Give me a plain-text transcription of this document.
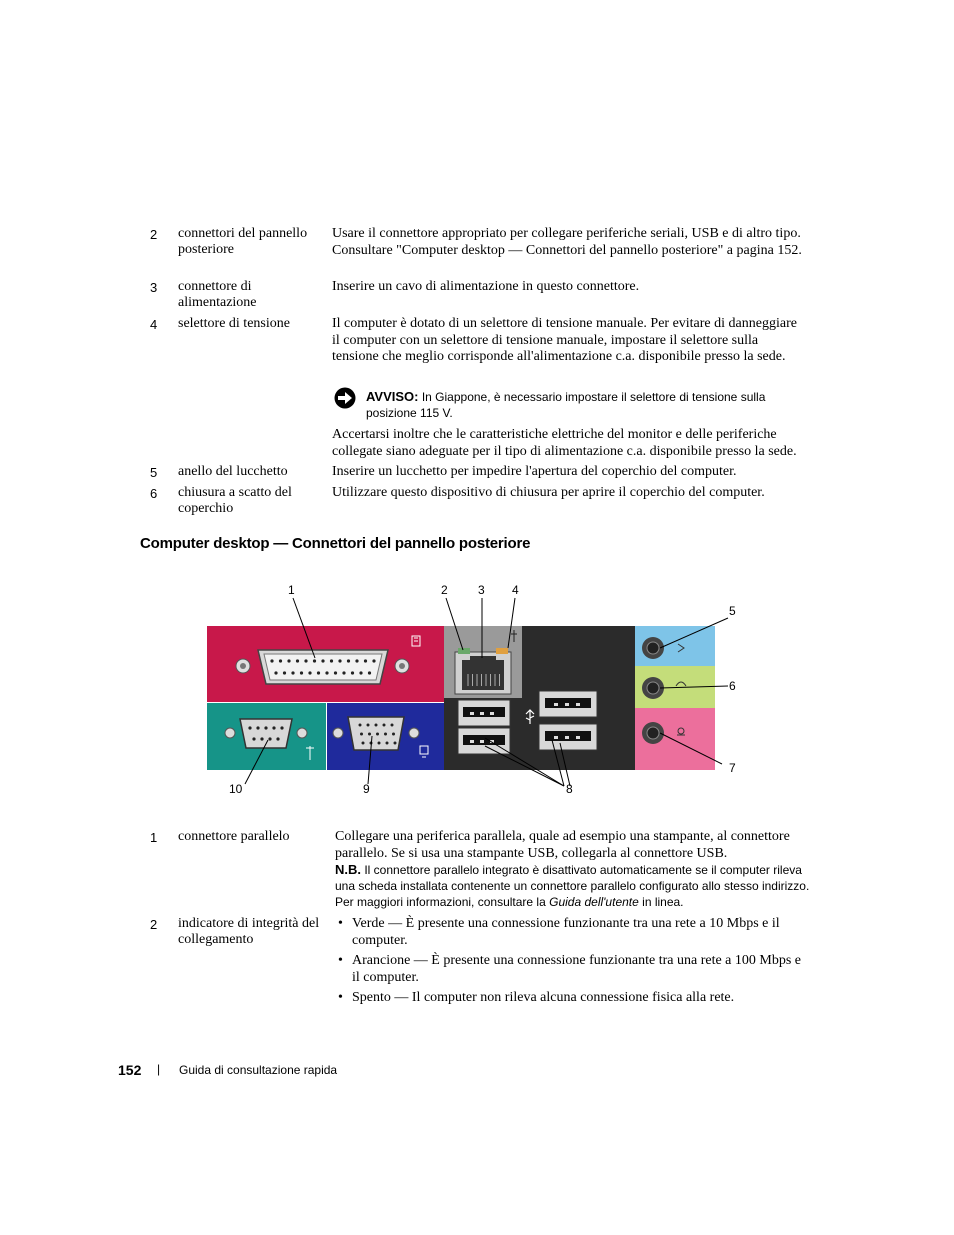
2 connettori del pannello posteriore
Usare il connettore appropriato per collegare periferiche seriali, USB e di altro tipo. Consultare "Computer desktop — Connettori del pannello posteriore" a pagina 152.
3 connettore di alimentazione
Inserire un cavo di alimentazione in questo connettore.
4 selettore di tensione	Il computer è dotato di un selettore di tensione manuale. Per evitare di danneggiare il computer con un selettore di tensione manuale, impostare il selettore sulla tensione che meglio corrisponde all'alimentazione c.a. disponibile presso la sede.
AVVISO: In Giappone, è necessario impostare il selettore di tensione sulla posizione 115 V.
Accertarsi inoltre che le caratteristiche elettriche del monitor e delle periferiche collegate siano adeguate per il tipo di alimentazione c.a. disponibile presso la sede.
5 anello del lucchetto	Inserire un lucchetto per impedire l'apertura del coperchio del computer.
6 chiusura a scatto del coperchio
Utilizzare questo dispositivo di chiusura per aprire il coperchio del computer.
Computer desktop — Connettori del pannello posteriore
1	2	3 4
5
6
7
8
9
10
1 connettore parallelo	Collegare una periferica parallela, quale ad esempio una stampante, al connettore parallelo. Se si usa una stampante USB, collegarla al connettore USB.
N.B. Il connettore parallelo integrato è disattivato automaticamente se il computer rileva una scheda installata contenente un connettore parallelo configurato allo stesso indirizzo. Per maggiori informazioni, consultare la Guida dell'utente in linea.
2 indicatore di integrità del collegamento
• Verde — È presente una connessione funzionante tra una rete a 10 Mbps e il computer.
• Arancione — È presente una connessione funzionante tra una rete a 100 Mbps e il computer.
• Spento — Il computer non rileva alcuna connessione fisica alla rete.
152 | Guida di consultazione rapida
